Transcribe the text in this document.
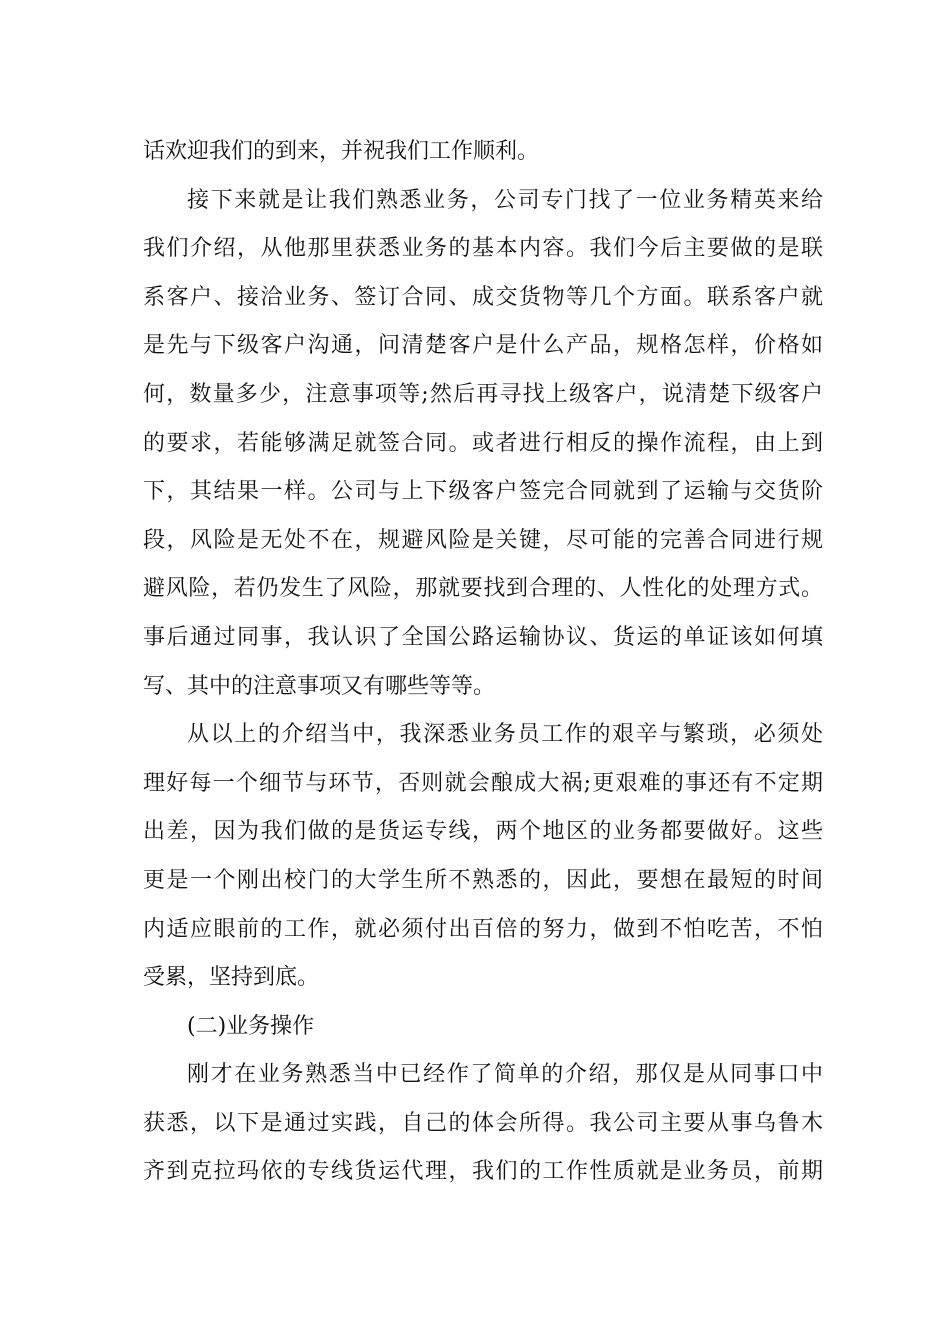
话欢迎我们的到来，并祝我们工作顺利。
接下来就是让我们熟悉业务，公司专门找了一位业务精英来给
我们介绍，从他那里获悉业务的基本内容。我们今后主要做的是联
系客户、接洽业务、签订合同、成交货物等几个方面。联系客户就
是先与下级客户沟通，问清楚客户是什么产品，规格怎样，价格如
何，数量多少，注意事项等;然后再寻找上级客户，说清楚下级客户
的要求，若能够满足就签合同。或者进行相反的操作流程，由上到
下，其结果一样。公司与上下级客户签完合同就到了运输与交货阶
段，风险是无处不在，规避风险是关键，尽可能的完善合同进行规
避风险，若仍发生了风险，那就要找到合理的、人性化的处理方式。
事后通过同事，我认识了全国公路运输协议、货运的单证该如何填
写、其中的注意事项又有哪些等等。
从以上的介绍当中，我深悉业务员工作的艰辛与繁琐，必须处
理好每一个细节与环节，否则就会酿成大祸;更艰难的事还有不定期
出差，因为我们做的是货运专线，两个地区的业务都要做好。这些
更是一个刚出校门的大学生所不熟悉的，因此，要想在最短的时间
内适应眼前的工作，就必须付出百倍的努力，做到不怕吃苦，不怕
受累，坚持到底。
(二)业务操作
刚才在业务熟悉当中已经作了简单的介绍，那仅是从同事口中
获悉，以下是通过实践，自己的体会所得。我公司主要从事乌鲁木
齐到克拉玛依的专线货运代理，我们的工作性质就是业务员，前期
